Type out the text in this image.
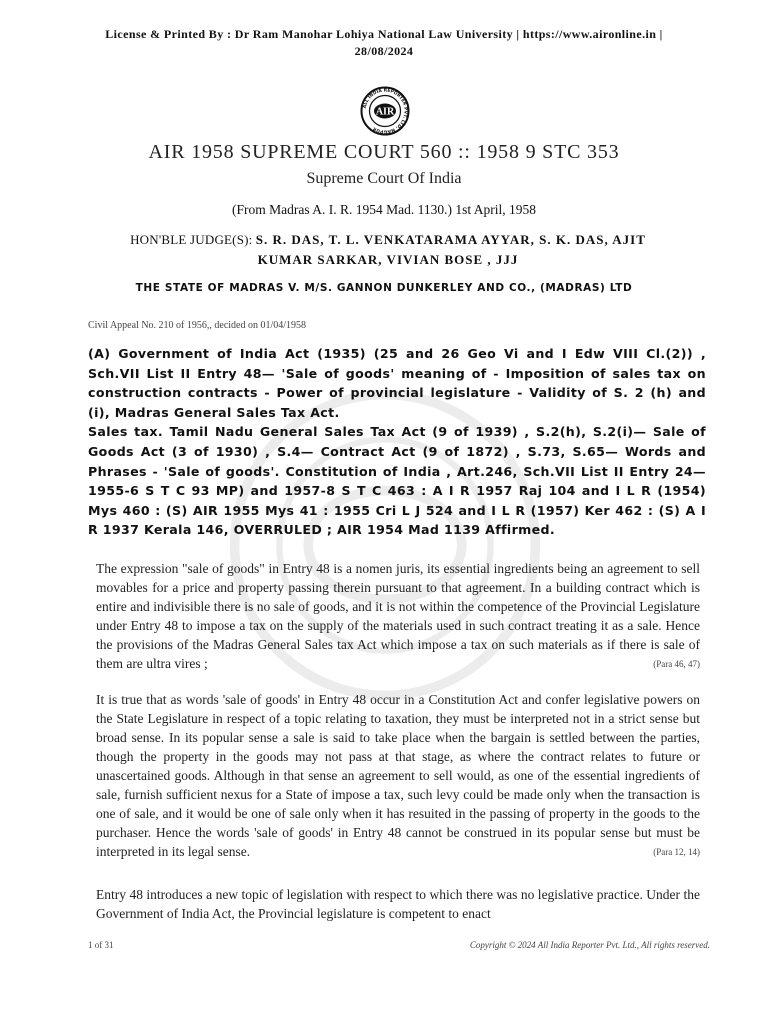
License & Printed By : Dr Ram Manohar Lohiya National Law University | https://www.aironline.in |
28/08/2024
AIR
ALL INDIA REPORTER PVT. LTD. NAGPUR
AIR 1958 SUPREME COURT 560 :: 1958 9 STC 353
Supreme Court Of India
(From Madras A. I. R. 1954 Mad. 1130.) 1st April, 1958
HON'BLE JUDGE(S): S. R. DAS, T. L. VENKATARAMA AYYAR, S. K. DAS, AJIT
KUMAR SARKAR, VIVIAN BOSE , JJJ
THE STATE OF MADRAS V. M/S. GANNON DUNKERLEY AND CO., (MADRAS) LTD
Civil Appeal No. 210 of 1956,, decided on 01/04/1958

(A) Government of India Act (1935) (25 and 26 Geo Vi and I Edw VIII Cl.(2)) , Sch.VII List II Entry 48— 'Sale of goods' meaning of - Imposition of sales tax on construction contracts - Power of provincial legislature - Validity of S. 2 (h) and (i), Madras General Sales Tax Act.

Sales tax. Tamil Nadu General Sales Tax Act (9 of 1939) , S.2(h), S.2(i)— Sale of Goods Act (3 of 1930) , S.4— Contract Act (9 of 1872) , S.73, S.65— Words and Phrases - 'Sale of goods'. Constitution of India , Art.246, Sch.VII List II Entry 24— 1955-6 S T C 93 MP) and 1957-8 S T C 463 : A I R 1957 Raj 104 and I L R (1954) Mys 460 : (S) AIR 1955 Mys 41 : 1955 Cri L J 524 and I L R (1957) Ker 462 : (S) A I R 1937 Kerala 146, OVERRULED ; AIR 1954 Mad 1139 Affirmed.

The expression "sale of goods" in Entry 48 is a nomen juris, its essential ingredients being an agreement to sell movables for a price and property passing therein pursuant to that agreement. In a building contract which is entire and indivisible there is no sale of goods, and it is not within the competence of the Provincial Legislature under Entry 48 to impose a tax on the supply of the materials used in such contract treating it as a sale. Hence the provisions of the Madras General Sales tax Act which impose a tax on such materials as if there is sale of them are ultra vires ;	(Para 46, 47)
It is true that as words 'sale of goods' in Entry 48 occur in a Constitution Act and confer legislative powers on the State Legislature in respect of a topic relating to taxation, they must be interpreted not in a strict sense but broad sense. In its popular sense a sale is said to take place when the bargain is settled between the parties, though the property in the goods may not pass at that stage, as where the contract relates to future or unascertained goods. Although in that sense an agreement to sell would, as one of the essential ingredients of sale, furnish sufficient nexus for a State of impose a tax, such levy could be made only when the transaction is one of sale, and it would be one of sale only when it has resuited in the passing of property in the goods to the purchaser. Hence the words 'sale of goods' in Entry 48 cannot be construed in its popular sense but must be interpreted in its legal sense.	(Para 12, 14)
Entry 48 introduces a new topic of legislation with respect to which there was no legislative practice. Under the Government of India Act, the Provincial legislature is competent to enact
1 of 31	Copyright © 2024 All India Reporter Pvt. Ltd., All rights reserved.
